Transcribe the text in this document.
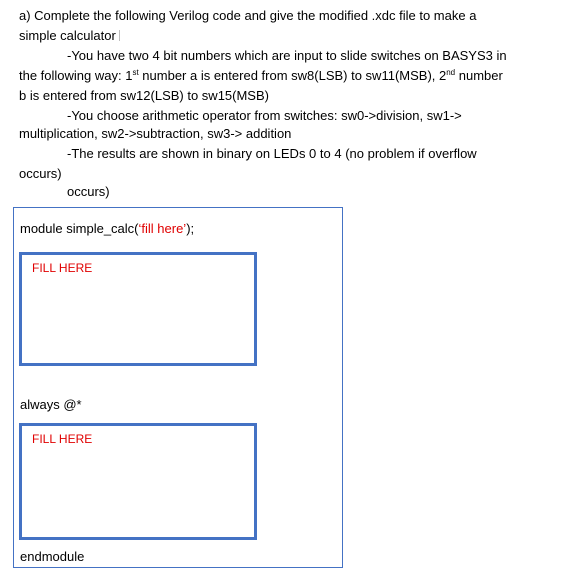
a) Complete the following Verilog code and give the modified .xdc file to make a
simple calculator
-You have two 4 bit numbers which are input to slide switches on BASYS3 in
the following way: 1st number a is entered from sw8(LSB) to sw11(MSB), 2nd number
b is entered from sw12(LSB) to sw15(MSB)
-You choose arithmetic operator from switches: sw0->division, sw1->
multiplication, sw2->subtraction, sw3-> addition
-The results are shown in binary on LEDs 0 to 4 (no problem if overflow
occurs)
occurs)
module simple_calc(‘fill here’);
FILL HERE
always @*
FILL HERE
endmodule
